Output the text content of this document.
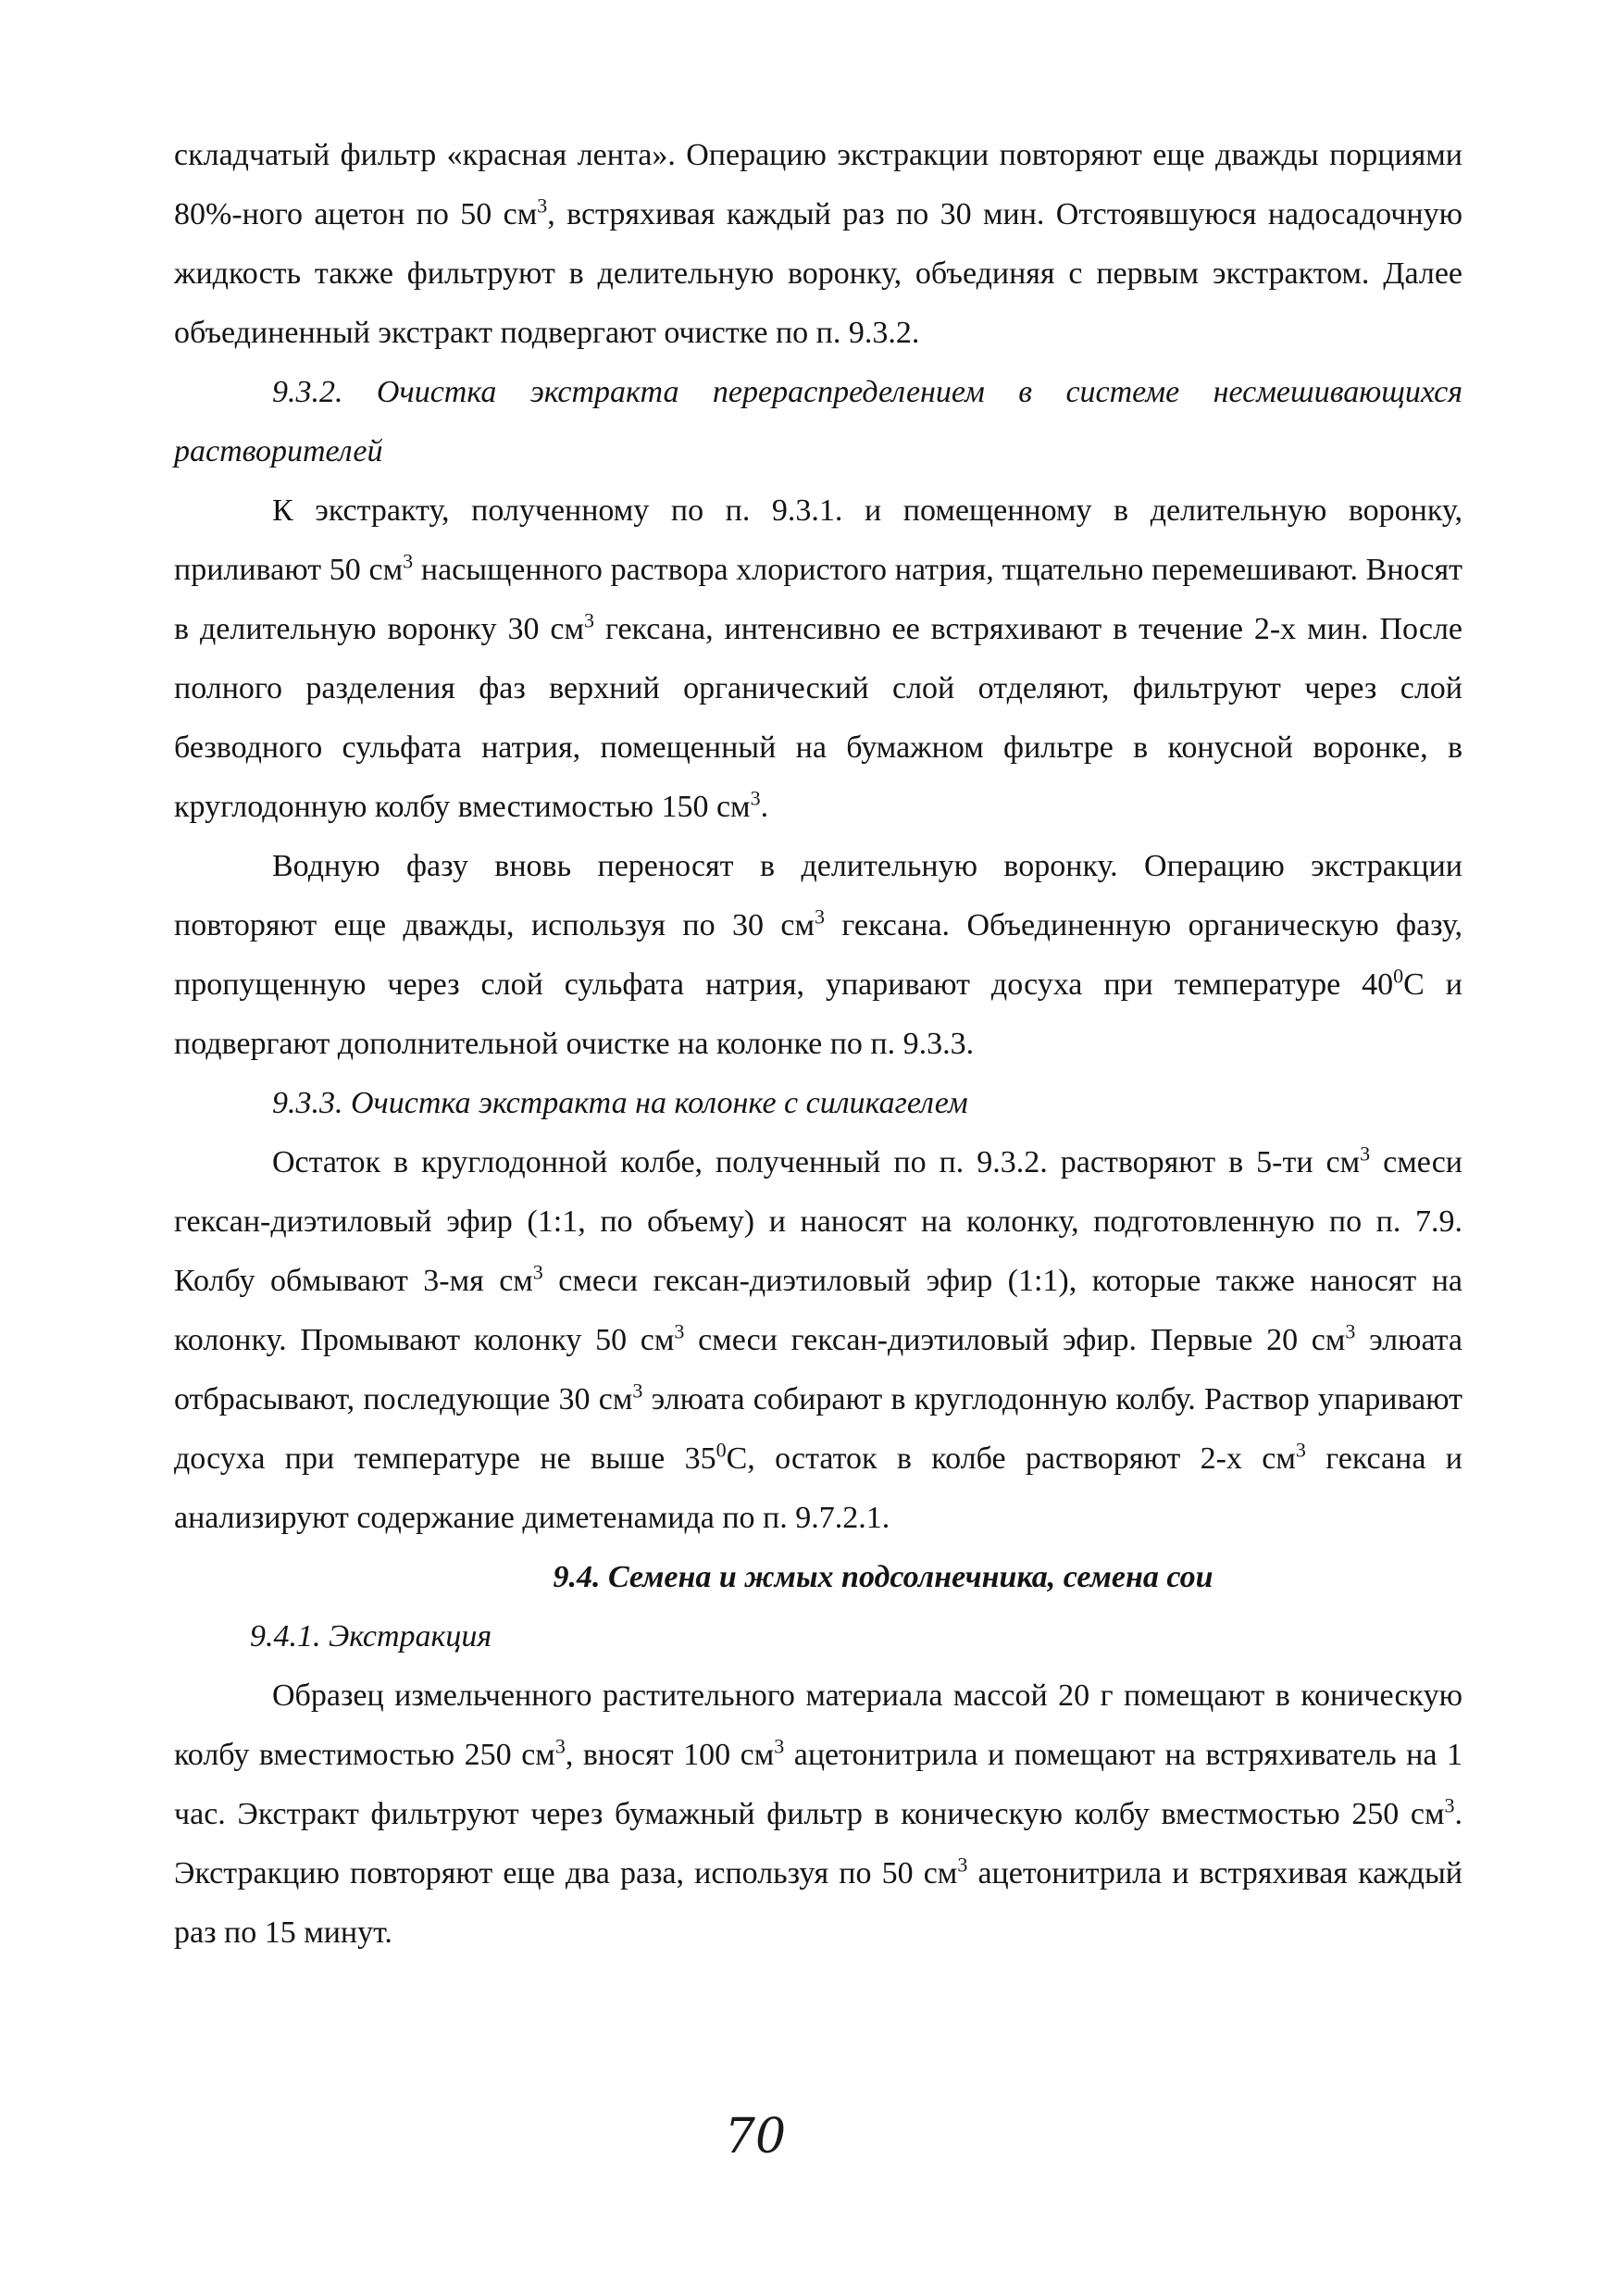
складчатый фильтр «красная лента». Операцию экстракции повторяют еще дважды порциями 80%-ного ацетон по 50 $см^3$, встряхивая каждый раз по 30 мин. Отстоявшуюся надосадочную жидкость также фильтруют в делительную воронку, объединяя с первым экстрактом. Далее объединенный экстракт подвергают очистке по п. 9.3.2.

9.3.2. Очистка экстракта перераспределением в системе несмешивающихся растворителей

К экстракту, полученному по п. 9.3.1. и помещенному в делительную воронку, приливают 50 $см^3$ насыщенного раствора хлористого натрия, тщательно перемешивают. Вносят в делительную воронку 30 $см^3$ гексана, интенсивно ее встряхивают в течение 2-х мин. После полного разделения фаз верхний органический слой отделяют, фильтруют через слой безводного сульфата натрия, помещенный на бумажном фильтре в конусной воронке, в круглодонную колбу вместимостью 150 $см^3$.

Водную фазу вновь переносят в делительную воронку. Операцию экстракции повторяют еще дважды, используя по 30 $см^3$ гексана. Объединенную органическую фазу, пропущенную через слой сульфата натрия, упаривают досуха при температуре $40^0С$ и подвергают дополнительной очистке на колонке по п. 9.3.3.

9.3.3. Очистка экстракта на колонке с силикагелем

Остаток в круглодонной колбе, полученный по п. 9.3.2. растворяют в 5-ти $см^3$ смеси гексан-диэтиловый эфир (1:1, по объему) и наносят на колонку, подготовленную по п. 7.9. Колбу обмывают 3-мя $см^3$ смеси гексан-диэтиловый эфир (1:1), которые также наносят на колонку. Промывают колонку 50 $см^3$ смеси гексан-диэтиловый эфир. Первые 20 $см^3$ элюата отбрасывают, последующие 30 $см^3$ элюата собирают в круглодонную колбу. Раствор упаривают досуха при температуре не выше $35^0С$, остаток в колбе растворяют 2-х $см^3$ гексана и анализируют содержание диметенамида по п. 9.7.2.1.

9.4. Семена и жмых подсолнечника, семена сои

9.4.1. Экстракция

Образец измельченного растительного материала массой 20 г помещают в коническую колбу вместимостью 250 $см^3$, вносят 100 $см^3$ ацетонитрила и помещают на встряхиватель на 1 час. Экстракт фильтруют через бумажный фильтр в коническую колбу вместмостью 250 $см^3$. Экстракцию повторяют еще два раза, используя по 50 $см^3$ ацетонитрила и встряхивая каждый раз по 15 минут.

70
